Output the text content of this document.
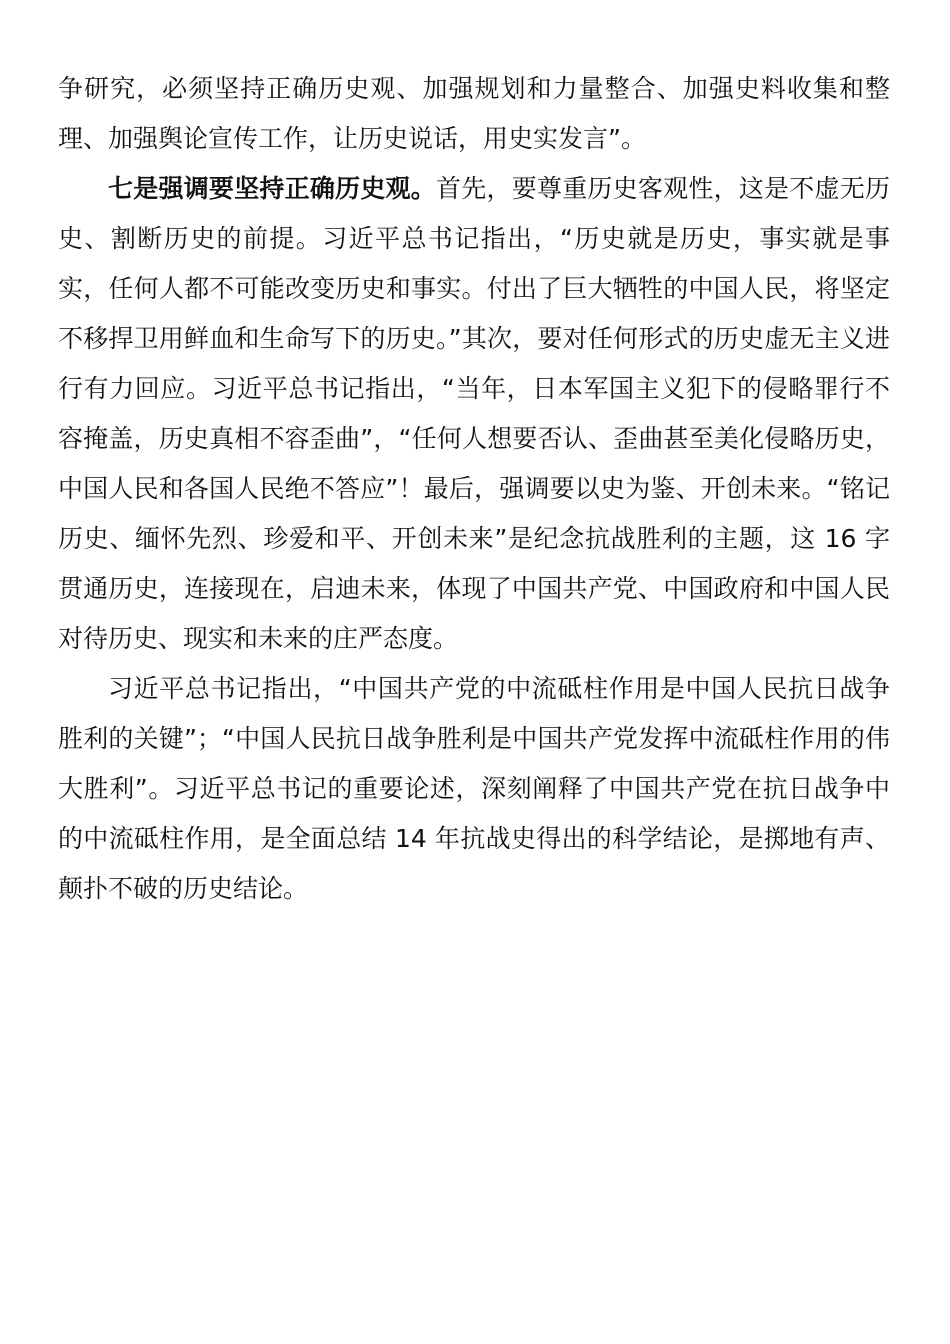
争研究，必须坚持正确历史观、加强规划和力量整合、加强史料收集和整理、加强舆论宣传工作，让历史说话，用史实发言”。

七是强调要坚持正确历史观。首先，要尊重历史客观性，这是不虚无历史、割断历史的前提。习近平总书记指出，“历史就是历史，事实就是事实，任何人都不可能改变历史和事实。付出了巨大牺牲的中国人民，将坚定不移捍卫用鲜血和生命写下的历史。”其次，要对任何形式的历史虚无主义进行有力回应。习近平总书记指出，“当年，日本军国主义犯下的侵略罪行不容掩盖，历史真相不容歪曲”，“任何人想要否认、歪曲甚至美化侵略历史，中国人民和各国人民绝不答应”！最后，强调要以史为鉴、开创未来。“铭记历史、缅怀先烈、珍爱和平、开创未来”是纪念抗战胜利的主题，这 16 字贯通历史，连接现在，启迪未来，体现了中国共产党、中国政府和中国人民对待历史、现实和未来的庄严态度。

习近平总书记指出，“中国共产党的中流砥柱作用是中国人民抗日战争胜利的关键”；“中国人民抗日战争胜利是中国共产党发挥中流砥柱作用的伟大胜利”。习近平总书记的重要论述，深刻阐释了中国共产党在抗日战争中的中流砥柱作用，是全面总结 14 年抗战史得出的科学结论，是掷地有声、颠扑不破的历史结论。
